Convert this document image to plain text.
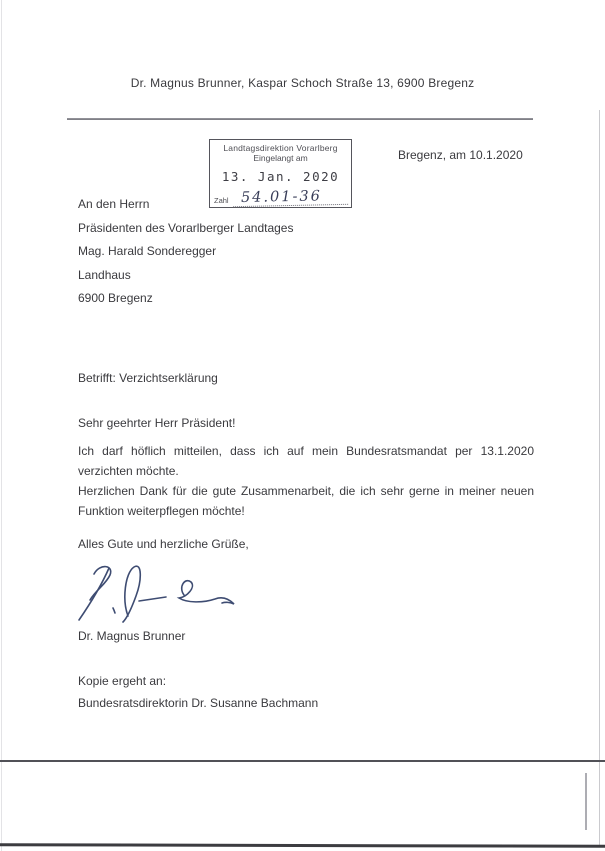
Dr. Magnus Brunner, Kaspar Schoch Straße 13, 6900 Bregenz
Landtagsdirektion Vorarlberg
Eingelangt am
13. Jan. 2020
Zahl 54.01-36
Bregenz, am 10.1.2020
An den Herrn
Präsidenten des Vorarlberger Landtages
Mag. Harald Sonderegger
Landhaus
6900 Bregenz
Betrifft: Verzichtserklärung
Sehr geehrter Herr Präsident!
Ich darf höflich mitteilen, dass ich auf mein Bundesratsmandat per 13.1.2020 verzichten möchte.
Herzlichen Dank für die gute Zusammenarbeit, die ich sehr gerne in meiner neuen Funktion weiterpflegen möchte!
Alles Gute und herzliche Grüße,
Dr. Magnus Brunner
Kopie ergeht an:
Bundesratsdirektorin Dr. Susanne Bachmann
